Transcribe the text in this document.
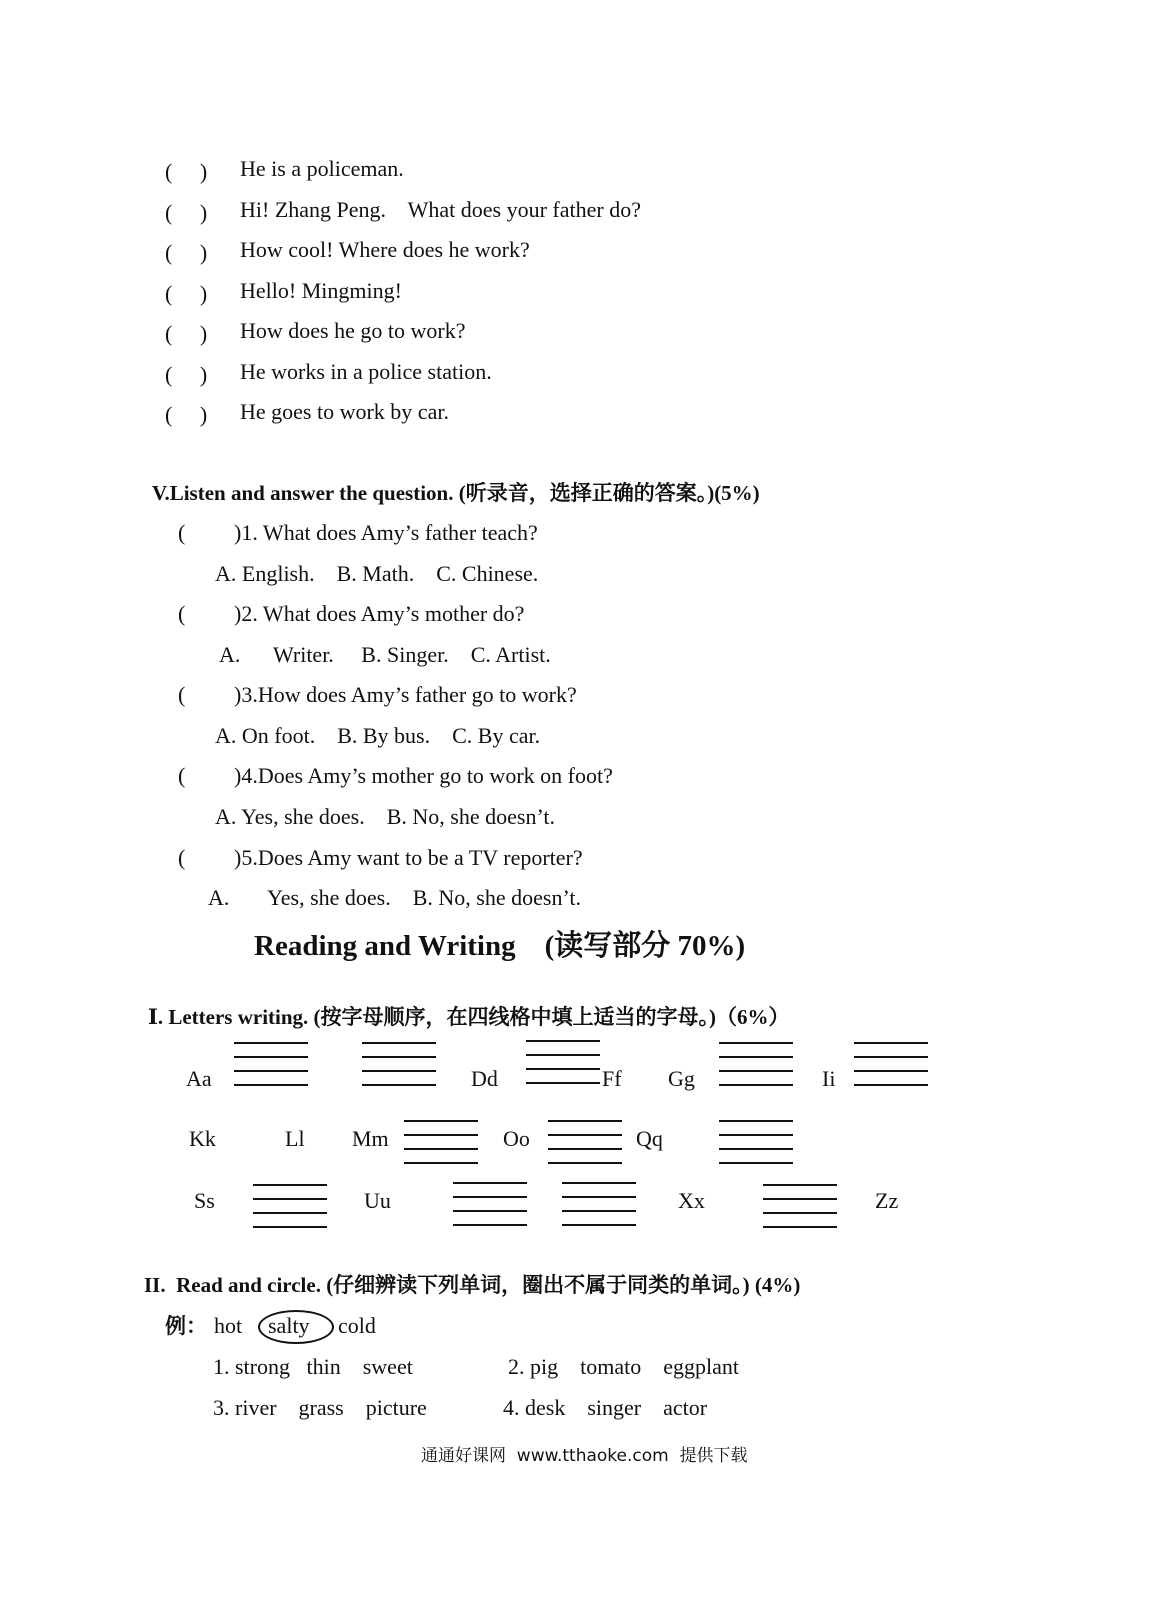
(　 ) He is a policeman.
(　 ) Hi! Zhang Peng.    What does your father do?
(　 ) How cool! Where does he work?
(　 ) Hello! Mingming!
(　 ) How does he go to work?
(　 ) He works in a police station.
(　 ) He goes to work by car.
V.Listen and answer the question. (听录音，选择正确的答案。)(5%)
( )1. What does Amy’s father teach?
A. English.    B. Math.    C. Chinese.
( )2. What does Amy’s mother do?
A.      Writer.     B. Singer.    C. Artist.
( )3.How does Amy’s father go to work?
A. On foot.    B. By bus.    C. By car.
( )4.Does Amy’s mother go to work on foot?
A. Yes, she does.    B. No, she doesn’t.
( )5.Does Amy want to be a TV reporter?
A.       Yes, she does.    B. No, she doesn’t.
Reading and Writing    (读写部分 70%)
Ⅰ. Letters writing. (按字母顺序，在四线格中填上适当的字母。)（6%）
Aa	Dd	Ff Gg	Ii
Kk	Ll Mm	Oo	Qq
Ss	Uu	Xx	Zz
II.  Read and circle. (仔细辨读下列单词，圈出不属于同类的单词。) (4%)
例： hot salty cold
1. strong   thin    sweet	2. pig    tomato    eggplant
3. river    grass    picture	4. desk    singer    actor
通通好课网  www.tthaoke.com  提供下载
